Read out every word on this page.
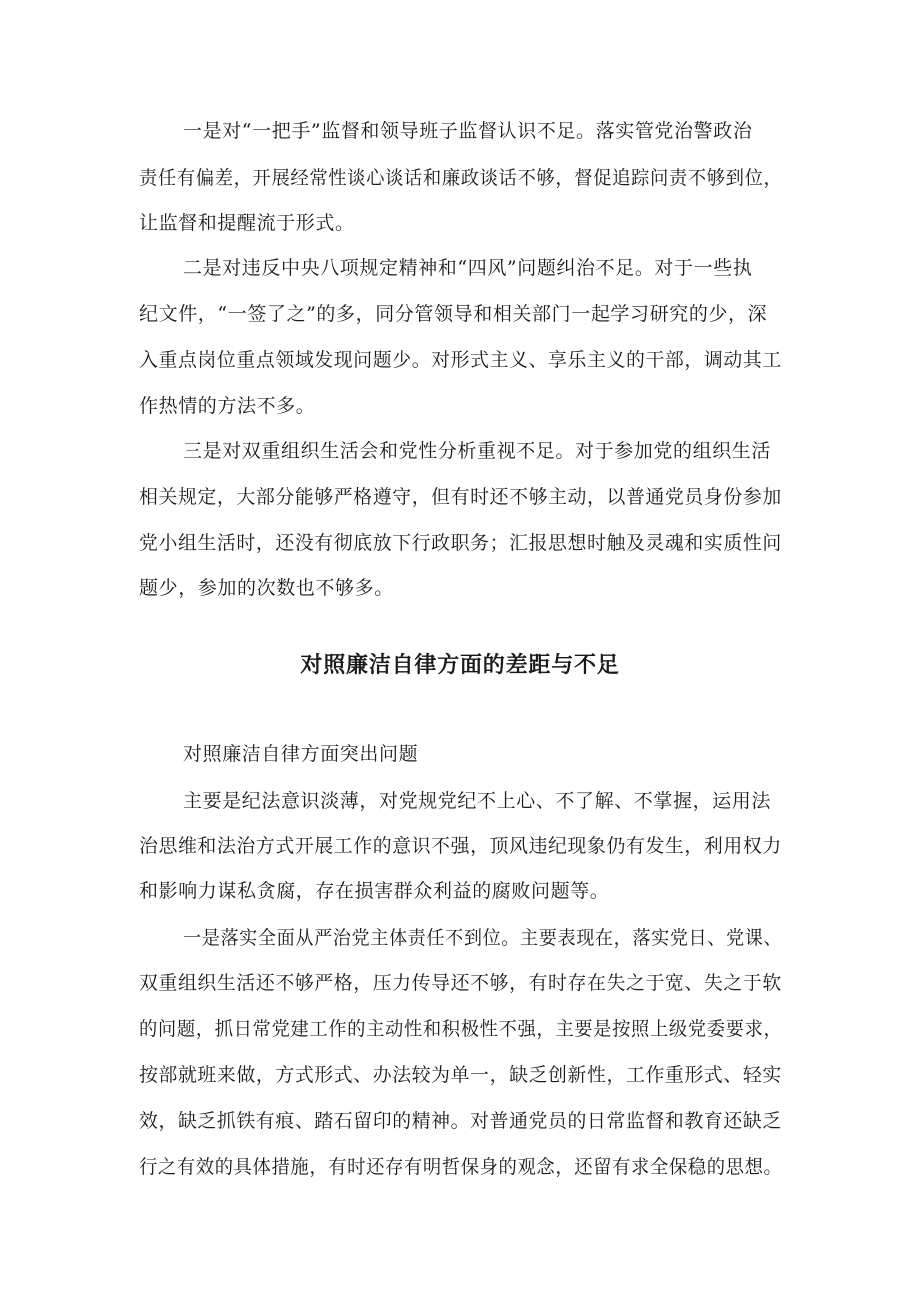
一是对“一把手”监督和领导班子监督认识不足。落实管党治警政治

责任有偏差，开展经常性谈心谈话和廉政谈话不够，督促追踪问责不够到位，

让监督和提醒流于形式。

二是对违反中央八项规定精神和“四风”问题纠治不足。对于一些执

纪文件，“一签了之”的多，同分管领导和相关部门一起学习研究的少，深

入重点岗位重点领域发现问题少。对形式主义、享乐主义的干部，调动其工

作热情的方法不多。

三是对双重组织生活会和党性分析重视不足。对于参加党的组织生活

相关规定，大部分能够严格遵守，但有时还不够主动，以普通党员身份参加

党小组生活时，还没有彻底放下行政职务；汇报思想时触及灵魂和实质性问

题少，参加的次数也不够多。

对照廉洁自律方面的差距与不足

对照廉洁自律方面突出问题

主要是纪法意识淡薄，对党规党纪不上心、不了解、不掌握，运用法

治思维和法治方式开展工作的意识不强，顶风违纪现象仍有发生，利用权力

和影响力谋私贪腐，存在损害群众利益的腐败问题等。

一是落实全面从严治党主体责任不到位。主要表现在，落实党日、党课、

双重组织生活还不够严格，压力传导还不够，有时存在失之于宽、失之于软

的问题，抓日常党建工作的主动性和积极性不强，主要是按照上级党委要求，

按部就班来做，方式形式、办法较为单一，缺乏创新性，工作重形式、轻实

效，缺乏抓铁有痕、踏石留印的精神。对普通党员的日常监督和教育还缺乏

行之有效的具体措施，有时还存有明哲保身的观念，还留有求全保稳的思想。
